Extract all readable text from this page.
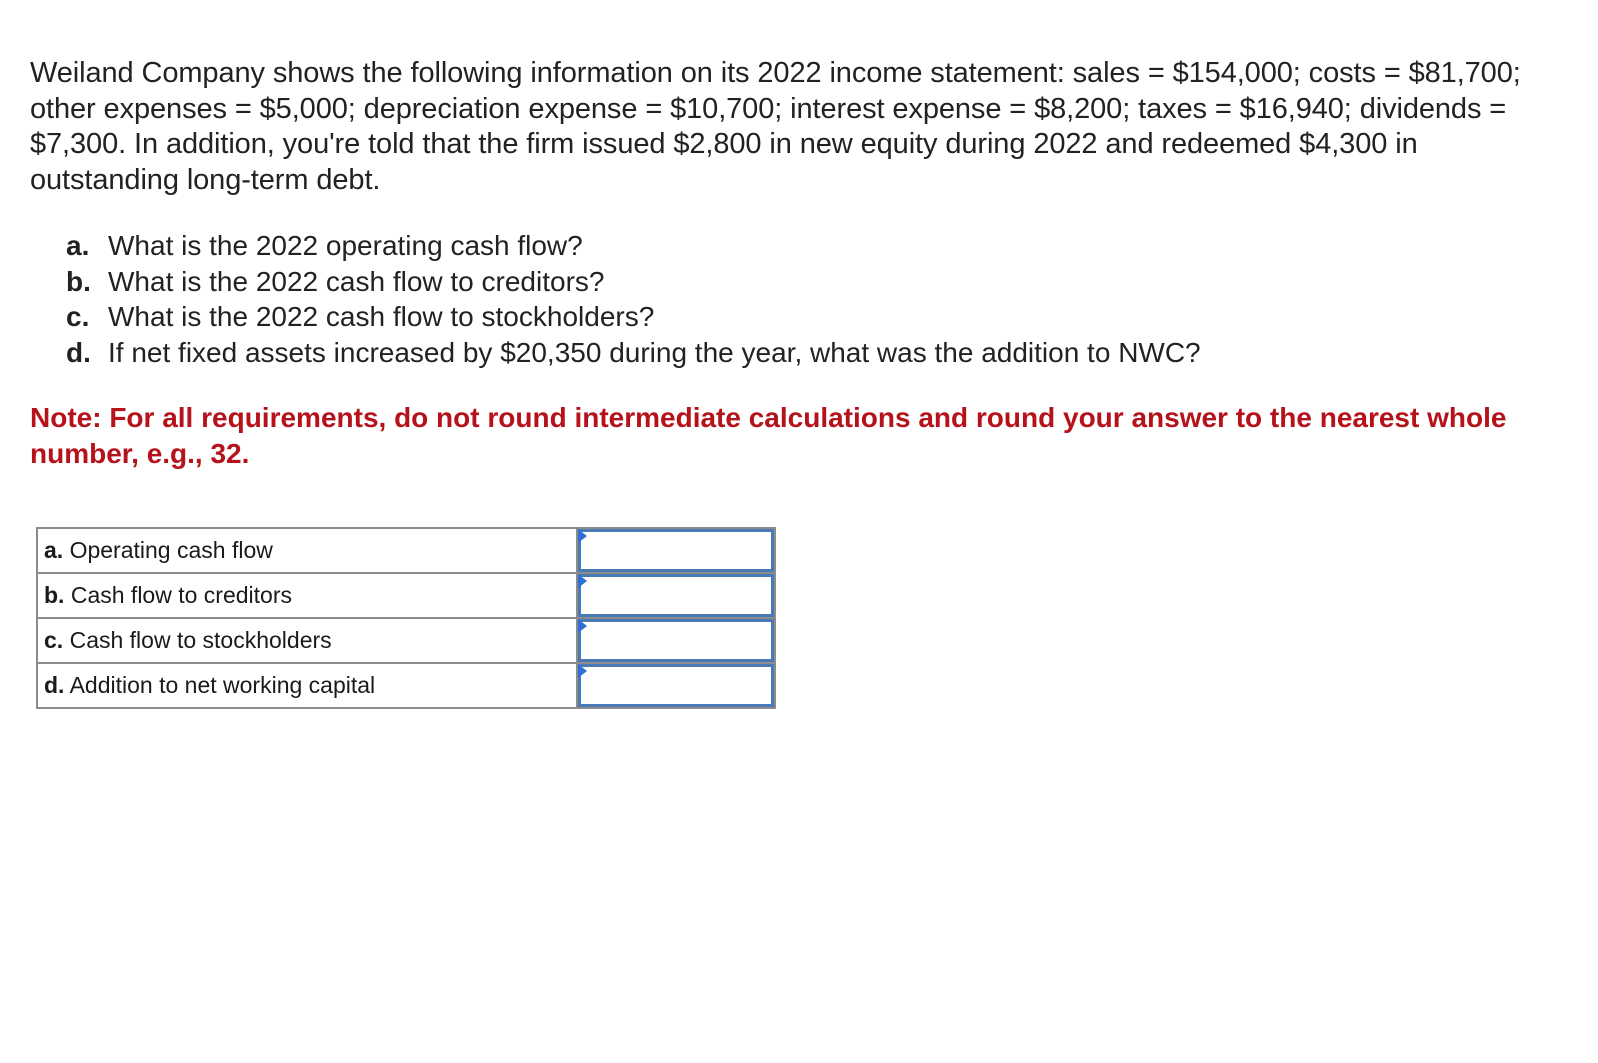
Weiland Company shows the following information on its 2022 income statement: sales = $154,000; costs = $81,700; other expenses = $5,000; depreciation expense = $10,700; interest expense = $8,200; taxes = $16,940; dividends = $7,300. In addition, you're told that the firm issued $2,800 in new equity during 2022 and redeemed $4,300 in outstanding long-term debt.

a. What is the 2022 operating cash flow?
b. What is the 2022 cash flow to creditors?
c. What is the 2022 cash flow to stockholders?
d. If net fixed assets increased by $20,350 during the year, what was the addition to NWC?

Note: For all requirements, do not round intermediate calculations and round your answer to the nearest whole number, e.g., 32.

a. Operating cash flow	

b. Cash flow to creditors	

c. Cash flow to stockholders	

d. Addition to net working capital	
